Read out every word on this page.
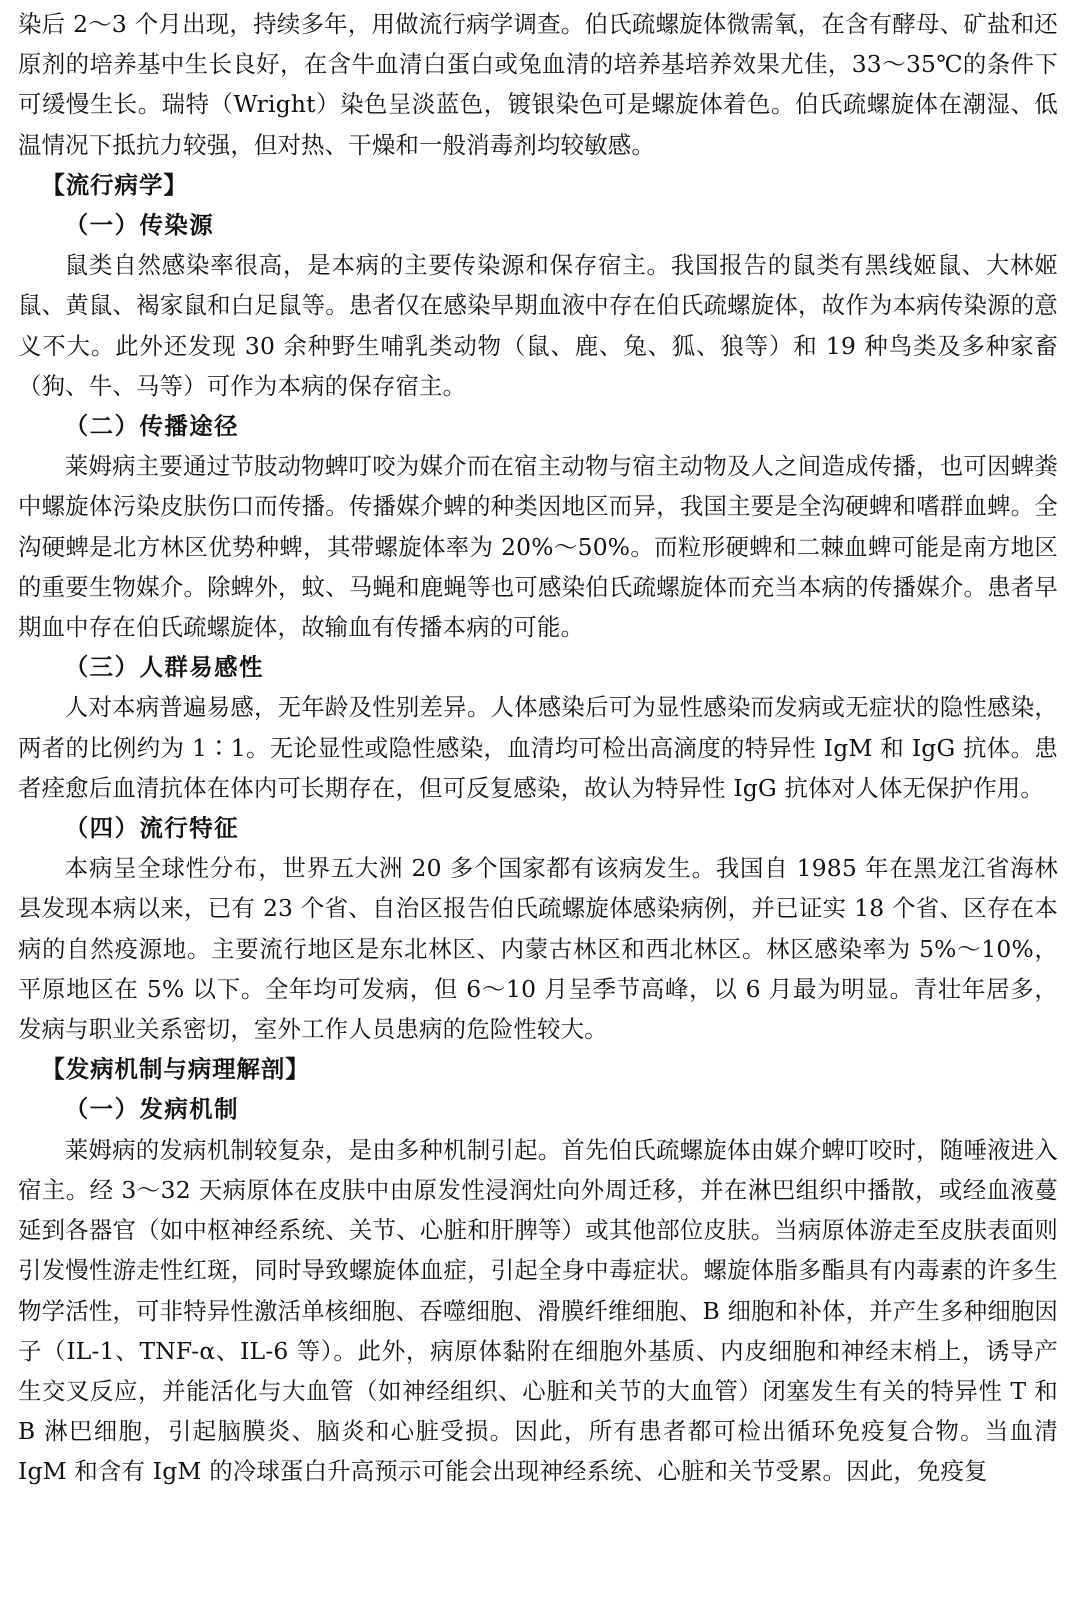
染后 2～3 个月出现，持续多年，用做流行病学调查。伯氏疏螺旋体微需氧，在含有酵母、矿盐和还原剂的培养基中生长良好，在含牛血清白蛋白或兔血清的培养基培养效果尤佳，33～35℃的条件下可缓慢生长。瑞特（Wright）染色呈淡蓝色，镀银染色可是螺旋体着色。伯氏疏螺旋体在潮湿、低温情况下抵抗力较强，但对热、干燥和一般消毒剂均较敏感。

【流行病学】

（一）传染源

鼠类自然感染率很高，是本病的主要传染源和保存宿主。我国报告的鼠类有黑线姬鼠、大林姬鼠、黄鼠、褐家鼠和白足鼠等。患者仅在感染早期血液中存在伯氏疏螺旋体，故作为本病传染源的意义不大。此外还发现 30 余种野生哺乳类动物（鼠、鹿、兔、狐、狼等）和 19 种鸟类及多种家畜（狗、牛、马等）可作为本病的保存宿主。

（二）传播途径

莱姆病主要通过节肢动物蜱叮咬为媒介而在宿主动物与宿主动物及人之间造成传播，也可因蜱粪中螺旋体污染皮肤伤口而传播。传播媒介蜱的种类因地区而异，我国主要是全沟硬蜱和嗜群血蜱。全沟硬蜱是北方林区优势种蜱，其带螺旋体率为 20%～50%。而粒形硬蜱和二棘血蜱可能是南方地区的重要生物媒介。除蜱外，蚊、马蝇和鹿蝇等也可感染伯氏疏螺旋体而充当本病的传播媒介。患者早期血中存在伯氏疏螺旋体，故输血有传播本病的可能。

（三）人群易感性

人对本病普遍易感，无年龄及性别差异。人体感染后可为显性感染而发病或无症状的隐性感染，两者的比例约为 1∶1。无论显性或隐性感染，血清均可检出高滴度的特异性 IgM 和 IgG 抗体。患者痊愈后血清抗体在体内可长期存在，但可反复感染，故认为特异性 IgG 抗体对人体无保护作用。

（四）流行特征

本病呈全球性分布，世界五大洲 20 多个国家都有该病发生。我国自 1985 年在黑龙江省海林县发现本病以来，已有 23 个省、自治区报告伯氏疏螺旋体感染病例，并已证实 18 个省、区存在本病的自然疫源地。主要流行地区是东北林区、内蒙古林区和西北林区。林区感染率为 5%～10%，平原地区在 5% 以下。全年均可发病，但 6～10 月呈季节高峰，以 6 月最为明显。青壮年居多，发病与职业关系密切，室外工作人员患病的危险性较大。

【发病机制与病理解剖】

（一）发病机制

莱姆病的发病机制较复杂，是由多种机制引起。首先伯氏疏螺旋体由媒介蜱叮咬时，随唾液进入宿主。经 3～32 天病原体在皮肤中由原发性浸润灶向外周迁移，并在淋巴组织中播散，或经血液蔓延到各器官（如中枢神经系统、关节、心脏和肝脾等）或其他部位皮肤。当病原体游走至皮肤表面则引发慢性游走性红斑，同时导致螺旋体血症，引起全身中毒症状。螺旋体脂多酯具有内毒素的许多生物学活性，可非特异性激活单核细胞、吞噬细胞、滑膜纤维细胞、B 细胞和补体，并产生多种细胞因子（IL-1、TNF-α、IL-6 等）。此外，病原体黏附在细胞外基质、内皮细胞和神经末梢上，诱导产生交叉反应，并能活化与大血管（如神经组织、心脏和关节的大血管）闭塞发生有关的特异性 T 和 B 淋巴细胞，引起脑膜炎、脑炎和心脏受损。因此，所有患者都可检出循环免疫复合物。当血清 IgM 和含有 IgM 的冷球蛋白升高预示可能会出现神经系统、心脏和关节受累。因此，免疫复
